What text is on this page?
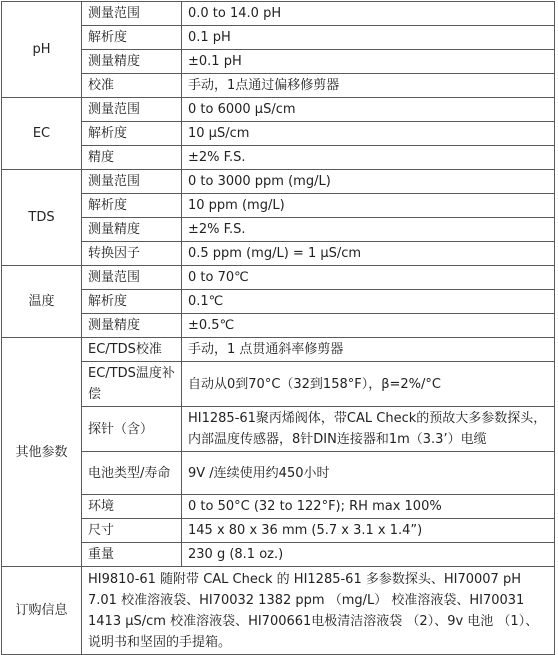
pH	测量范围	0.0 to 14.0 pH
	解析度	0.1 pH
	测量精度	±0.1 pH
	校准	手动，1点通过偏移修剪器
EC	测量范围	0 to 6000 μS/cm
	解析度	10 μS/cm
	精度	±2% F.S.
TDS	测量范围	0 to 3000 ppm (mg/L)
	解析度	10 ppm (mg/L)
	测量精度	±2% F.S.
	转换因子	0.5 ppm (mg/L) = 1 μS/cm
温度	测量范围	0 to 70℃
	解析度	0.1℃
	测量精度	±0.5℃
其他参数	EC/TDS校准	手动，1 点贯通斜率修剪器
	EC/TDS温度补偿	自动从0到70°C（32到158°F），β=2%/°C
	探针（含）	HI1285-61聚丙烯阀体，带CAL Check的预故大多参数探头，内部温度传感器，8针DIN连接器和1m（3.3’）电缆
	电池类型/寿命	9V /连续使用约450小时
	环境	0 to 50°C (32 to 122°F); RH max 100%
	尺寸	145 x 80 x 36 mm (5.7 x 3.1 x 1.4”)
	重量	230 g (8.1 oz.)
订购信息	HI9810-61 随附带 CAL Check 的 HI1285-61 多参数探头、HI70007 pH 7.01 校准溶液袋、HI70032 1382 ppm （mg/L） 校准溶液袋、HI70031 1413 μS/cm 校准溶液袋、HI700661电极清洁溶液袋 （2）、9v 电池 （1）、说明书和坚固的手提箱。	
